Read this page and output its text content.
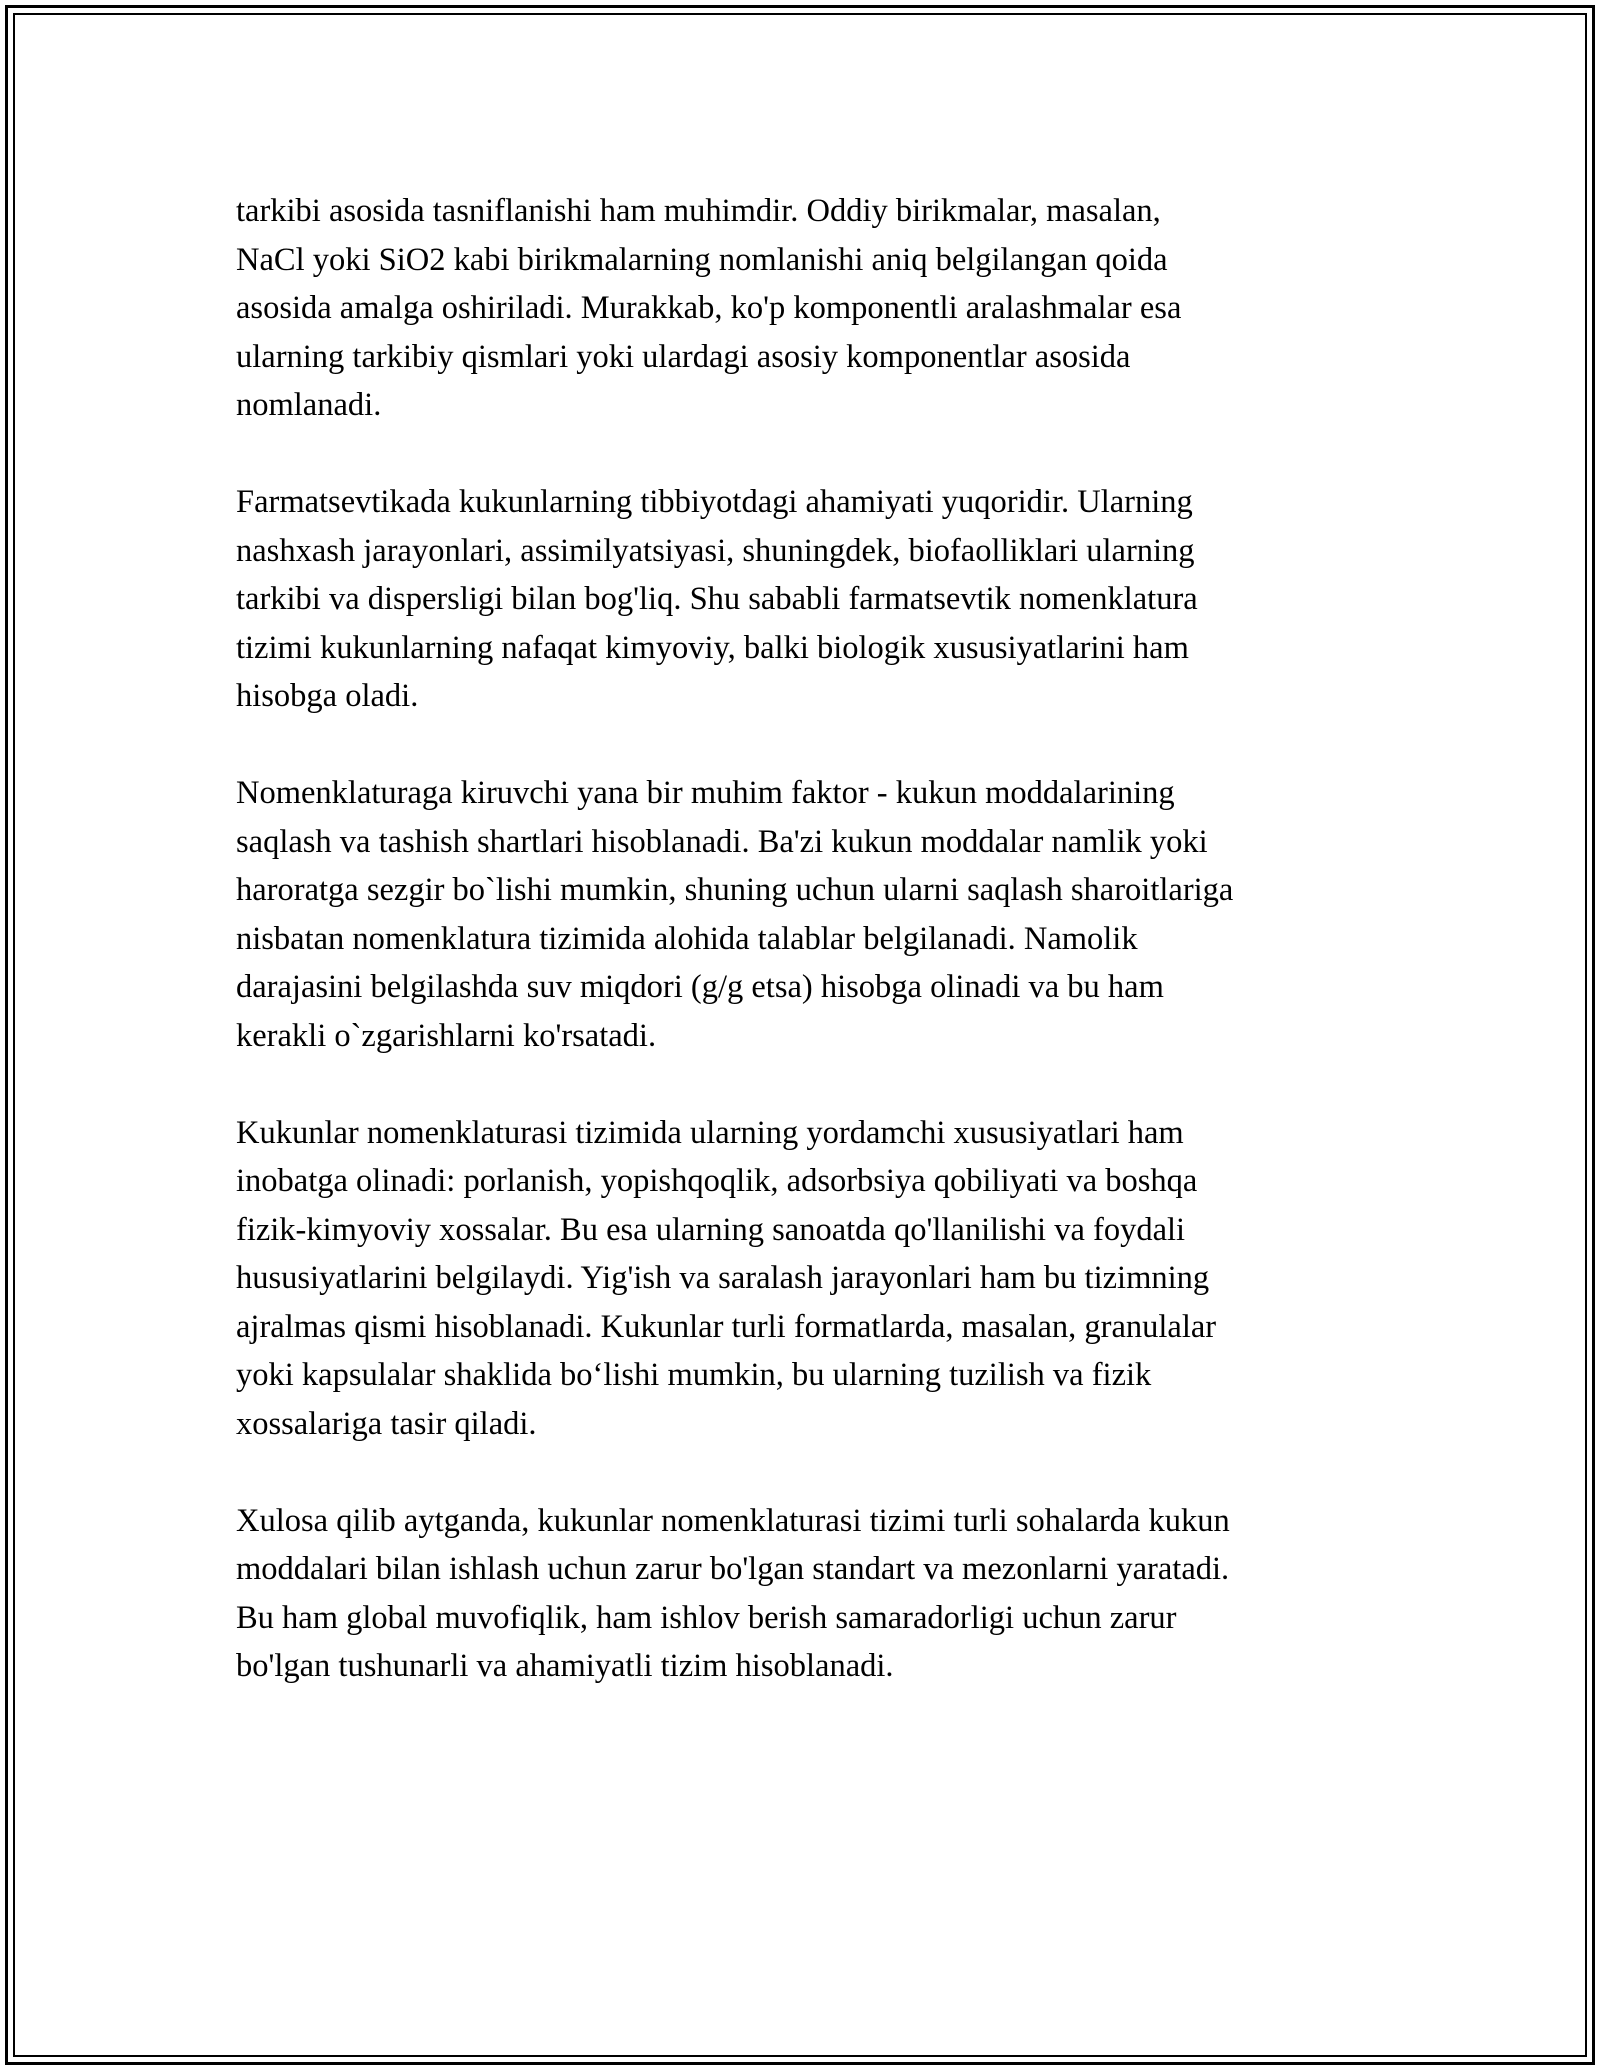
tarkibi asosida tasniflanishi ham muhimdir. Oddiy birikmalar, masalan,
NaCl yoki SiO2 kabi birikmalarning nomlanishi aniq belgilangan qoida
asosida amalga oshiriladi. Murakkab, ko'p komponentli aralashmalar esa
ularning tarkibiy qismlari yoki ulardagi asosiy komponentlar asosida
nomlanadi.

Farmatsevtikada kukunlarning tibbiyotdagi ahamiyati yuqoridir. Ularning
nashxash jarayonlari, assimilyatsiyasi, shuningdek, biofaolliklari ularning
tarkibi va dispersligi bilan bog'liq. Shu sababli farmatsevtik nomenklatura
tizimi kukunlarning nafaqat kimyoviy, balki biologik xususiyatlarini ham
hisobga oladi.

Nomenklaturaga kiruvchi yana bir muhim faktor - kukun moddalarining
saqlash va tashish shartlari hisoblanadi. Ba'zi kukun moddalar namlik yoki
haroratga sezgir bo`lishi mumkin, shuning uchun ularni saqlash sharoitlariga
nisbatan nomenklatura tizimida alohida talablar belgilanadi. Namolik
darajasini belgilashda suv miqdori (g/g etsa) hisobga olinadi va bu ham
kerakli o`zgarishlarni ko'rsatadi.

Kukunlar nomenklaturasi tizimida ularning yordamchi xususiyatlari ham
inobatga olinadi: porlanish, yopishqoqlik, adsorbsiya qobiliyati va boshqa
fizik-kimyoviy xossalar. Bu esa ularning sanoatda qo'llanilishi va foydali
hususiyatlarini belgilaydi. Yig'ish va saralash jarayonlari ham bu tizimning
ajralmas qismi hisoblanadi. Kukunlar turli formatlarda, masalan, granulalar
yoki kapsulalar shaklida boʻlishi mumkin, bu ularning tuzilish va fizik
xossalariga tasir qiladi.

Xulosa qilib aytganda, kukunlar nomenklaturasi tizimi turli sohalarda kukun
moddalari bilan ishlash uchun zarur bo'lgan standart va mezonlarni yaratadi.
Bu ham global muvofiqlik, ham ishlov berish samaradorligi uchun zarur
bo'lgan tushunarli va ahamiyatli tizim hisoblanadi.
